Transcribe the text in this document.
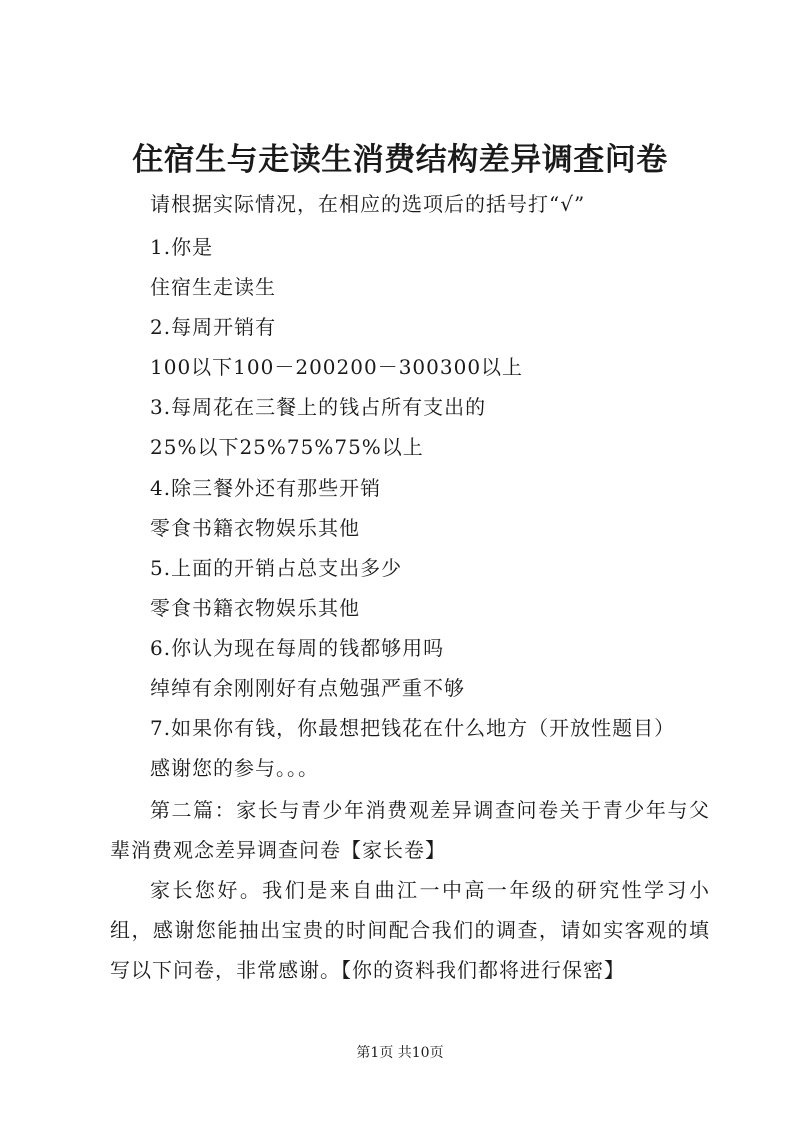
住宿生与走读生消费结构差异调查问卷
请根据实际情况，在相应的选项后的括号打“√”
1.你是
住宿生走读生
2.每周开销有
100以下100－200200－300300以上
3.每周花在三餐上的钱占所有支出的
25%以下25%75%75%以上
4.除三餐外还有那些开销
零食书籍衣物娱乐其他
5.上面的开销占总支出多少
零食书籍衣物娱乐其他
6.你认为现在每周的钱都够用吗
绰绰有余刚刚好有点勉强严重不够
7.如果你有钱，你最想把钱花在什么地方（开放性题目）
感谢您的参与。。。

第二篇：家长与青少年消费观差异调查问卷关于青少年与父辈消费观念差异调查问卷【家长卷】

家长您好。我们是来自曲江一中高一年级的研究性学习小组，感谢您能抽出宝贵的时间配合我们的调查，请如实客观的填写以下问卷，非常感谢。【你的资料我们都将进行保密】

第1页 共10页
